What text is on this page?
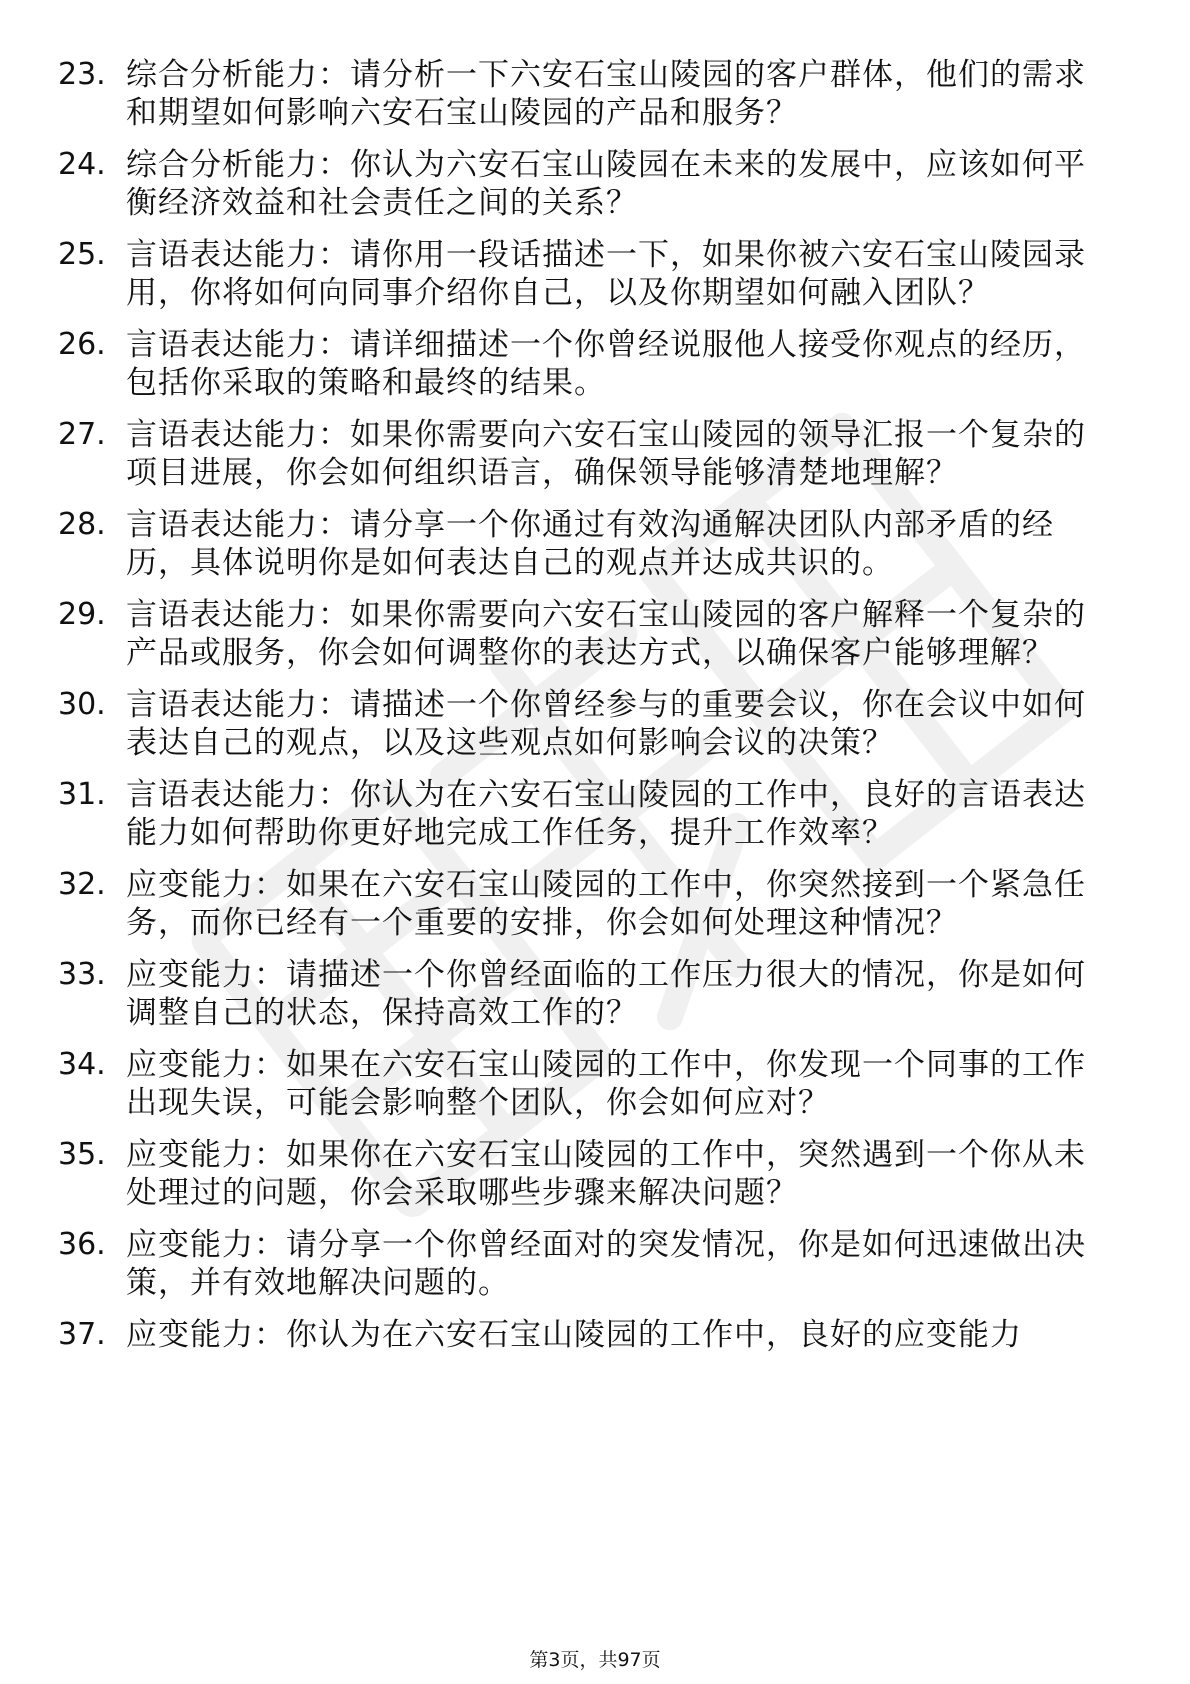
23. 综合分析能力：请分析一下六安石宝山陵园的客户群体，他们的需求和期望如何影响六安石宝山陵园的产品和服务？
24. 综合分析能力：你认为六安石宝山陵园在未来的发展中，应该如何平衡经济效益和社会责任之间的关系？
25. 言语表达能力：请你用一段话描述一下，如果你被六安石宝山陵园录用，你将如何向同事介绍你自己，以及你期望如何融入团队？
26. 言语表达能力：请详细描述一个你曾经说服他人接受你观点的经历，包括你采取的策略和最终的结果。
27. 言语表达能力：如果你需要向六安石宝山陵园的领导汇报一个复杂的项目进展，你会如何组织语言，确保领导能够清楚地理解？
28. 言语表达能力：请分享一个你通过有效沟通解决团队内部矛盾的经历，具体说明你是如何表达自己的观点并达成共识的。
29. 言语表达能力：如果你需要向六安石宝山陵园的客户解释一个复杂的产品或服务，你会如何调整你的表达方式，以确保客户能够理解？
30. 言语表达能力：请描述一个你曾经参与的重要会议，你在会议中如何表达自己的观点，以及这些观点如何影响会议的决策？
31. 言语表达能力：你认为在六安石宝山陵园的工作中，良好的言语表达能力如何帮助你更好地完成工作任务，提升工作效率？
32. 应变能力：如果在六安石宝山陵园的工作中，你突然接到一个紧急任务，而你已经有一个重要的安排，你会如何处理这种情况？
33. 应变能力：请描述一个你曾经面临的工作压力很大的情况，你是如何调整自己的状态，保持高效工作的？
34. 应变能力：如果在六安石宝山陵园的工作中，你发现一个同事的工作出现失误，可能会影响整个团队，你会如何应对？
35. 应变能力：如果你在六安石宝山陵园的工作中，突然遇到一个你从未处理过的问题，你会采取哪些步骤来解决问题？
36. 应变能力：请分享一个你曾经面对的突发情况，你是如何迅速做出决策，并有效地解决问题的。
37. 应变能力：你认为在六安石宝山陵园的工作中，良好的应变能力
第3页，共97页
